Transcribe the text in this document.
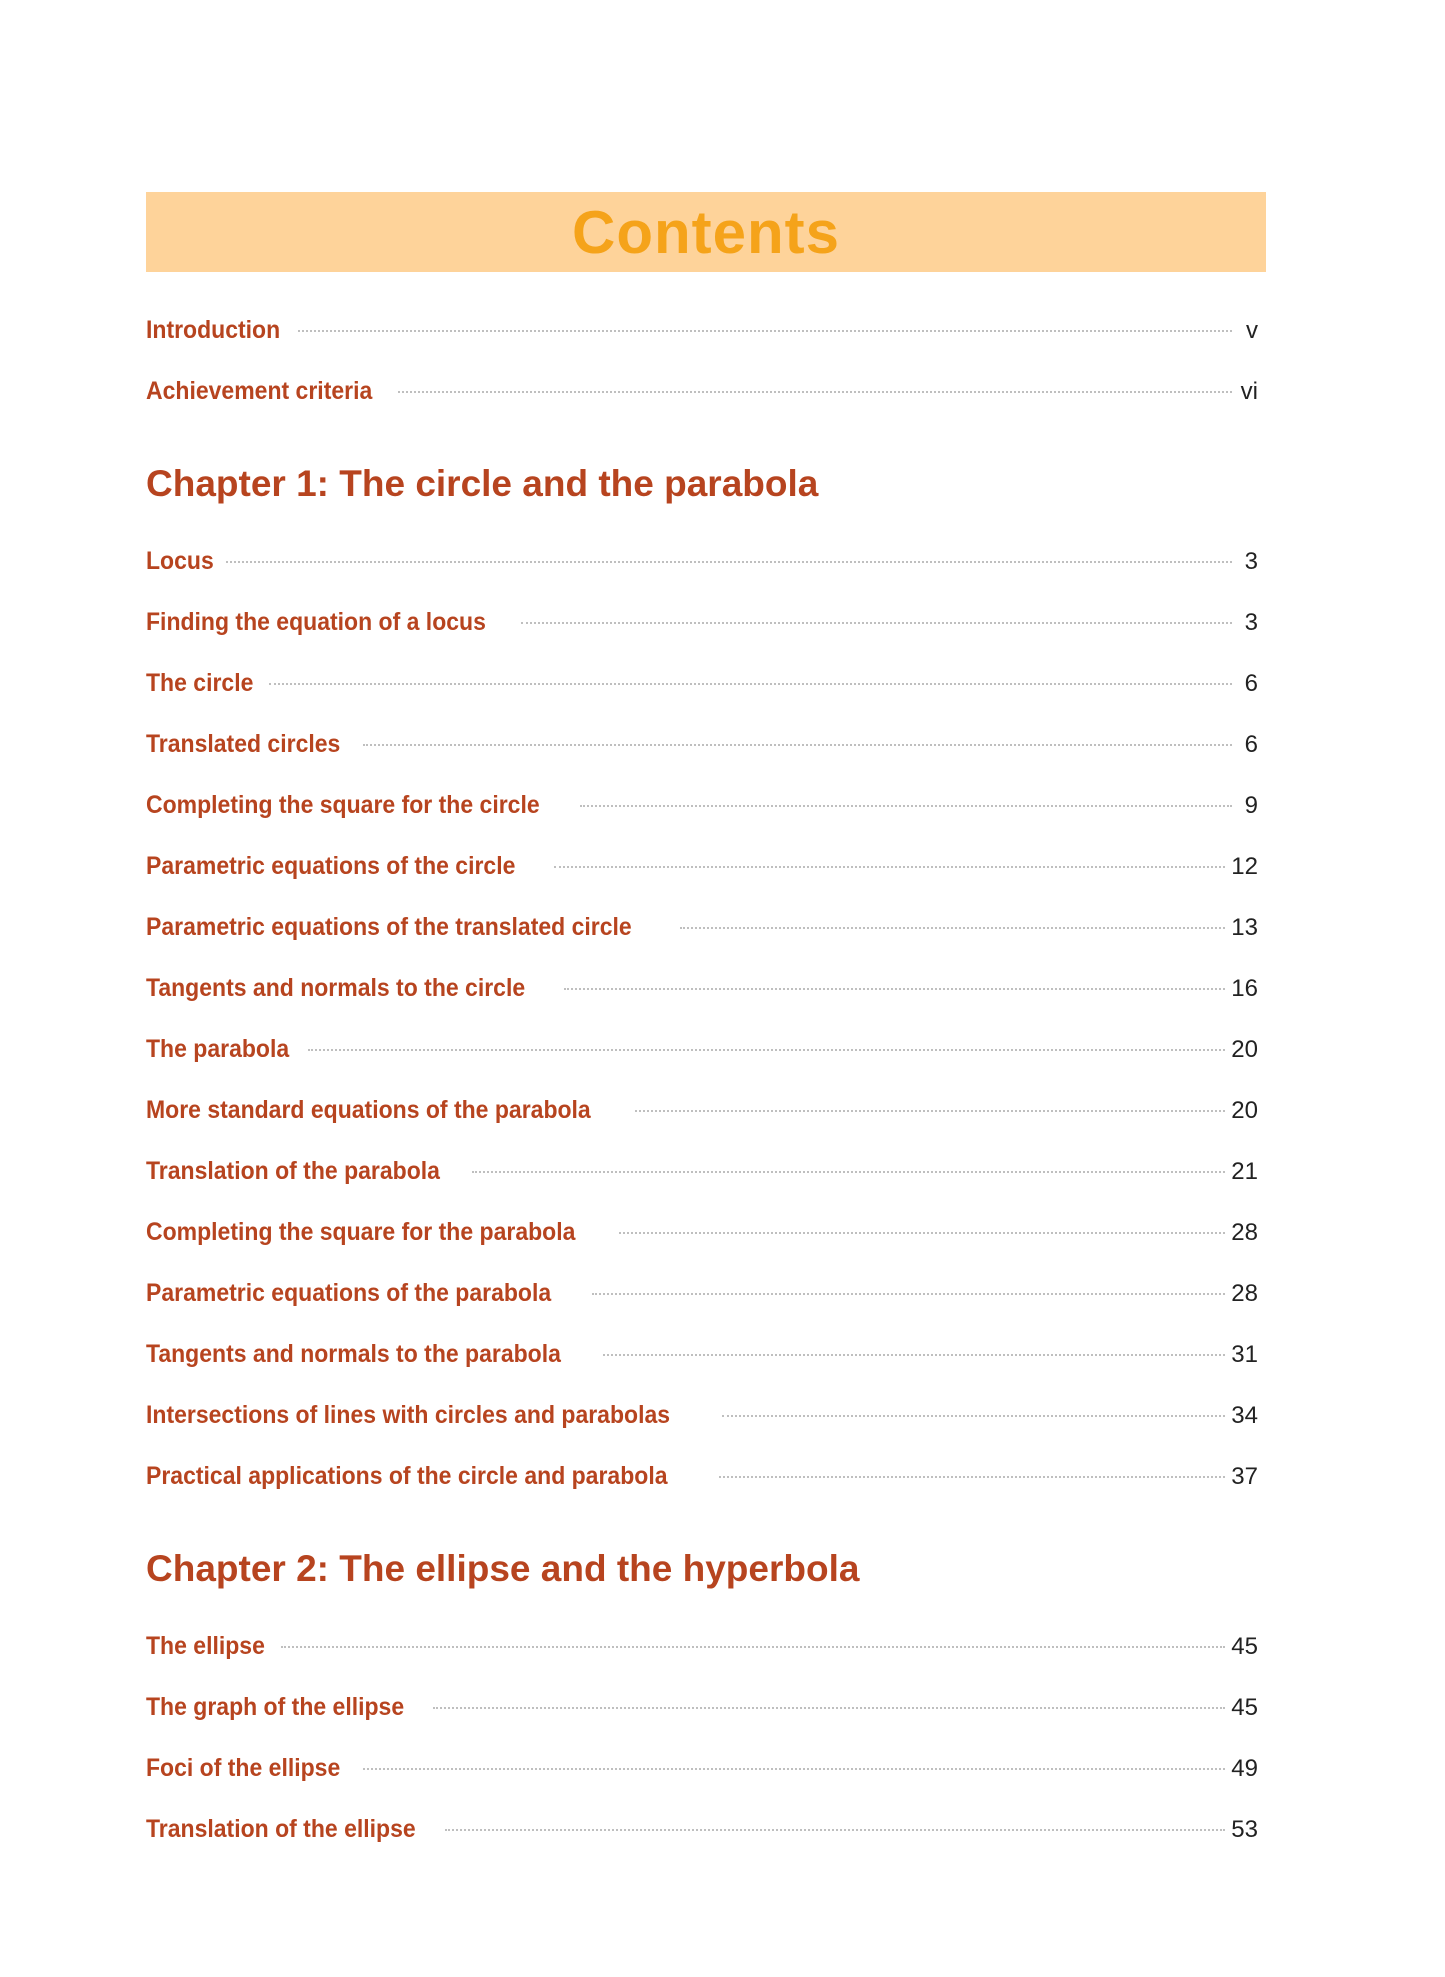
Contents
Introduction	v
Achievement criteria	vi
Chapter 1: The circle and the parabola
Locus	3
Finding the equation of a locus	3
The circle	6
Translated circles	6
Completing the square for the circle	9
Parametric equations of the circle	12
Parametric equations of the translated circle	13
Tangents and normals to the circle	16
The parabola	20
More standard equations of the parabola	20
Translation of the parabola	21
Completing the square for the parabola	28
Parametric equations of the parabola	28
Tangents and normals to the parabola	31
Intersections of lines with circles and parabolas	34
Practical applications of the circle and parabola	37
Chapter 2: The ellipse and the hyperbola
The ellipse	45
The graph of the ellipse	45
Foci of the ellipse	49
Translation of the ellipse	53
